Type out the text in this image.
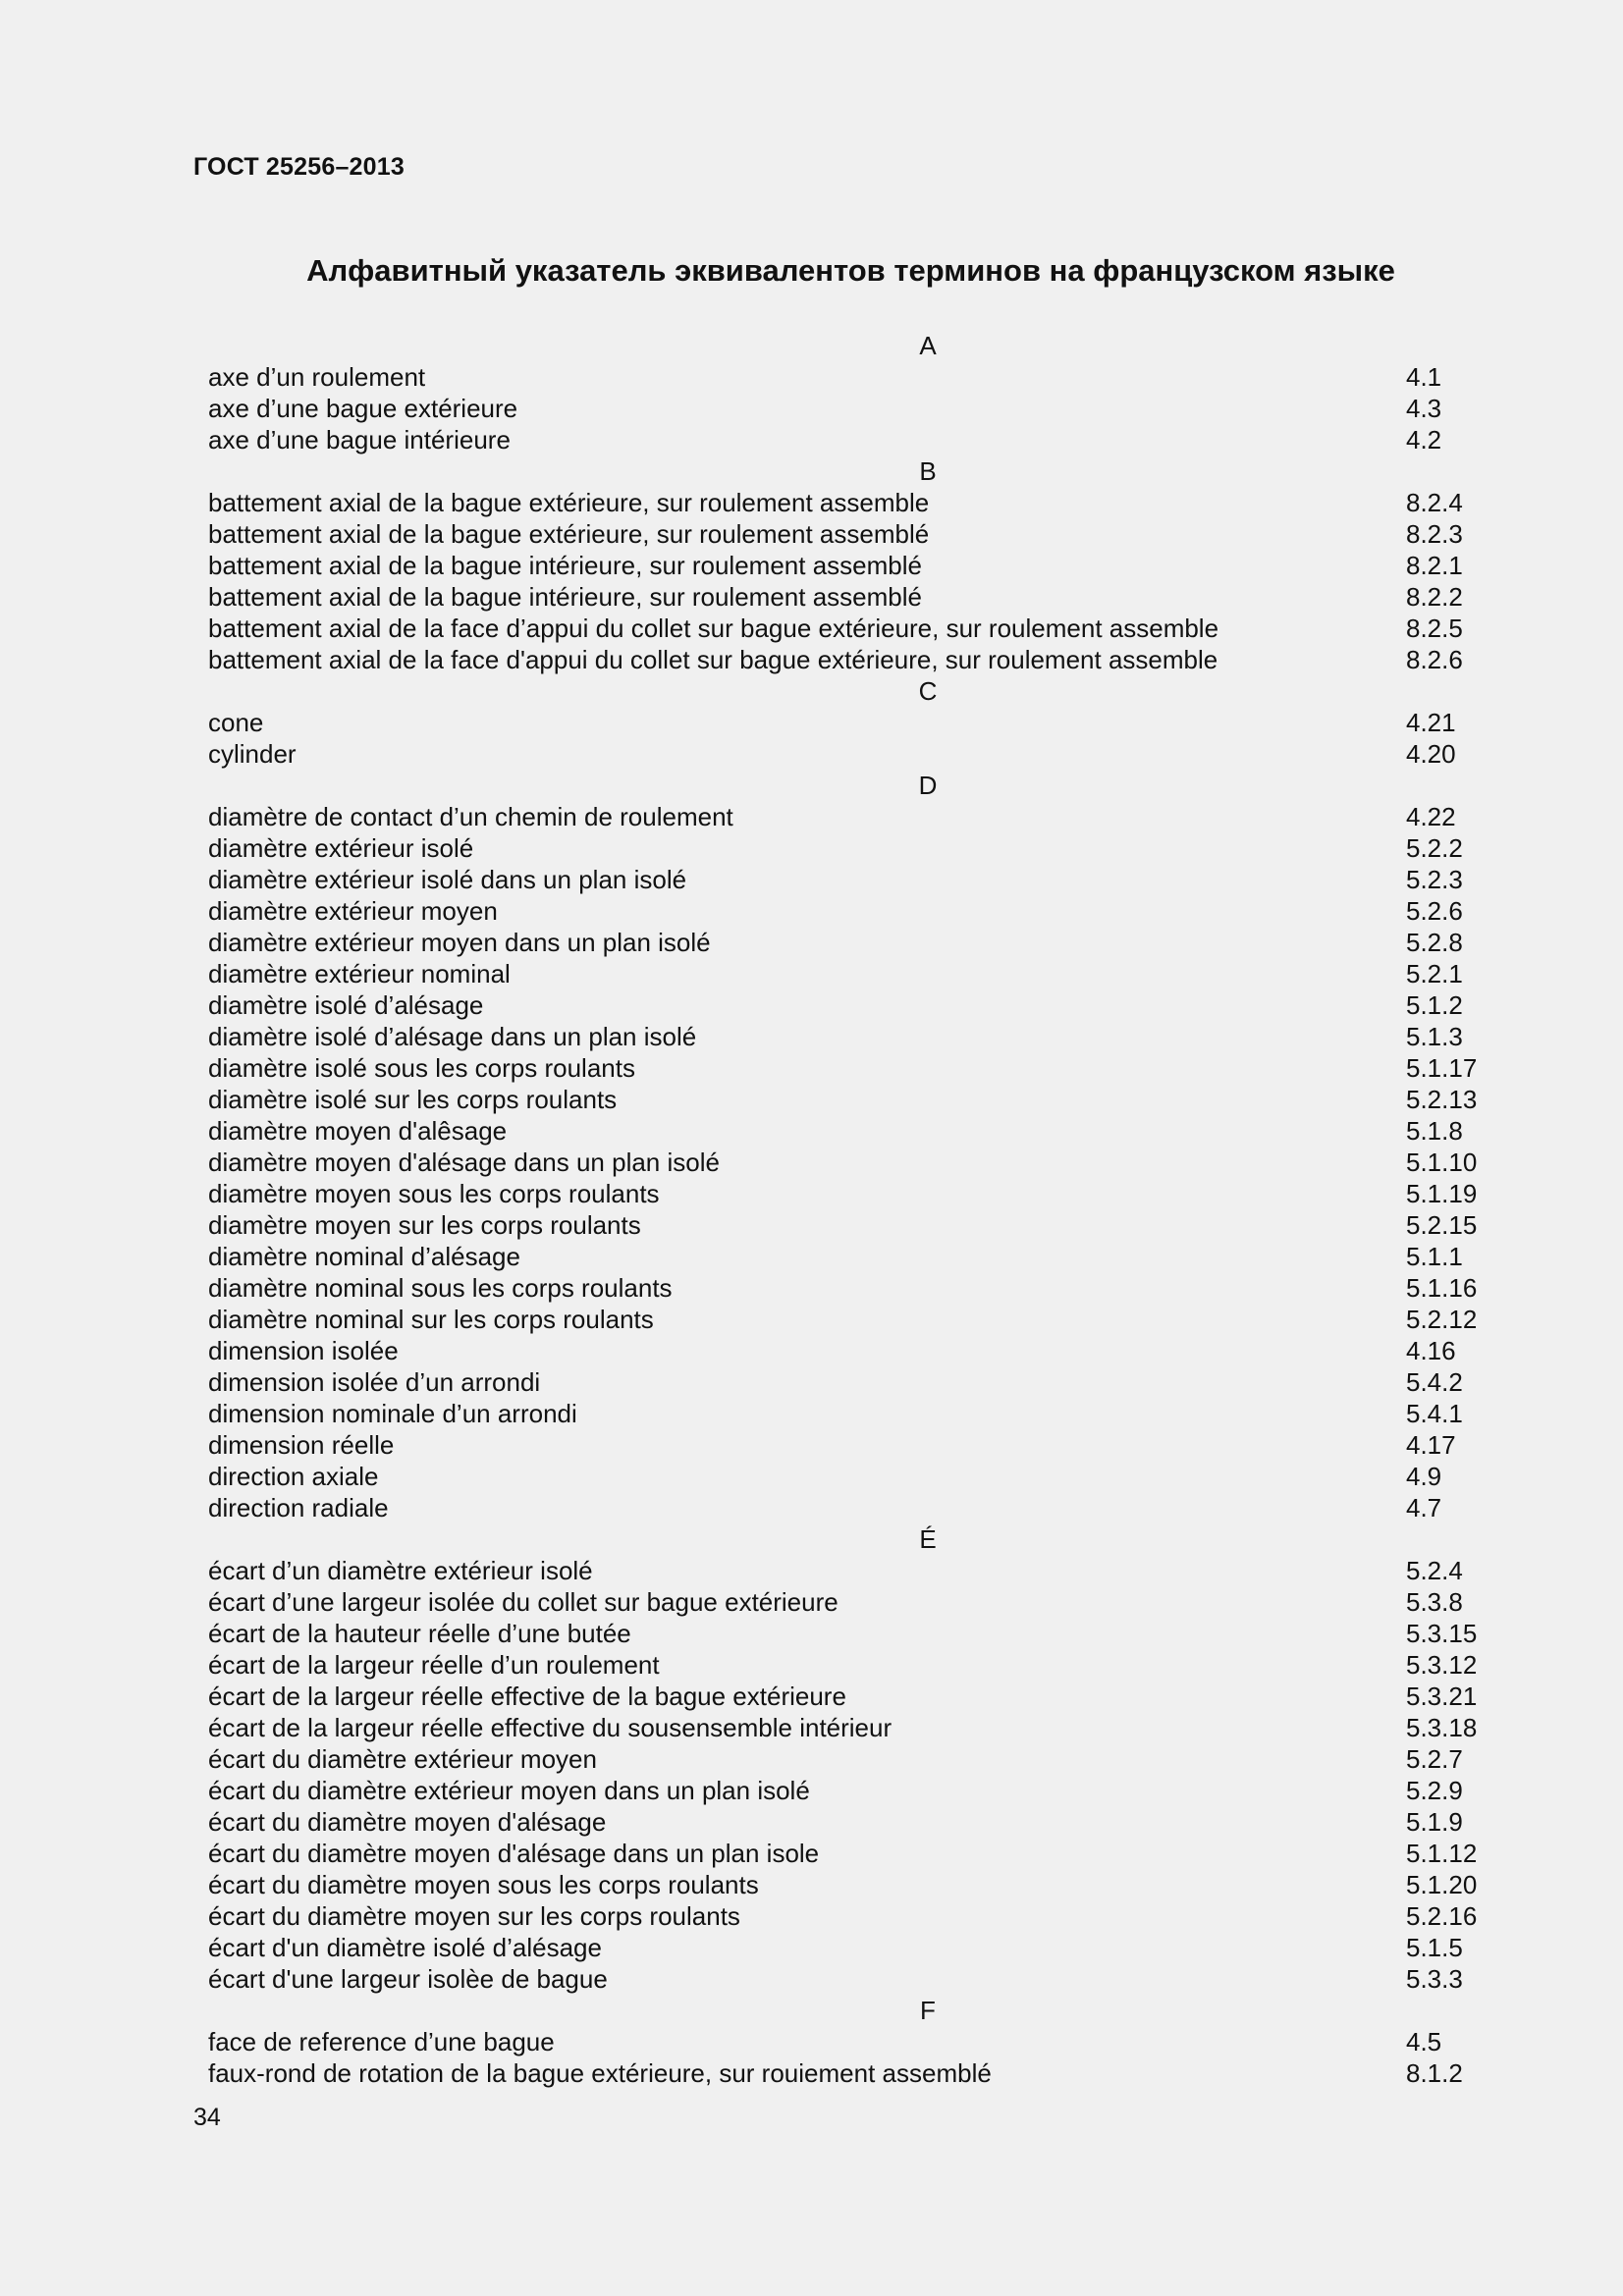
ГОСТ 25256–2013
Алфавитный указатель эквивалентов терминов на французском языке
A
axe d’un roulement	4.1
axe d’une bague extérieure	4.3
axe d’une bague intérieure	4.2
B
battement axial de la bague extérieure, sur roulement assemble	8.2.4
battement axial de la bague extérieure, sur roulement assemblé	8.2.3
battement axial de la bague intérieure, sur roulement assemblé	8.2.1
battement axial de la bague intérieure, sur roulement assemblé	8.2.2
battement axial de la face d’appui du collet sur bague extérieure, sur roulement assemble	8.2.5
battement axial de la face d'appui du collet sur bague extérieure, sur roulement assemble	8.2.6
C
cone	4.21
cylinder	4.20
D
diamètre de contact d’un chemin de roulement	4.22
diamètre extérieur isolé	5.2.2
diamètre extérieur isolé dans un plan isolé	5.2.3
diamètre extérieur moyen	5.2.6
diamètre extérieur moyen dans un plan isolé	5.2.8
diamètre extérieur nominal	5.2.1
diamètre isolé d’alésage	5.1.2
diamètre isolé d’alésage dans un plan isolé	5.1.3
diamètre isolé sous les corps roulants	5.1.17
diamètre isolé sur les corps roulants	5.2.13
diamètre moyen d'alêsage	5.1.8
diamètre moyen d'alésage dans un plan isolé	5.1.10
diamètre moyen sous les corps roulants	5.1.19
diamètre moyen sur les corps roulants	5.2.15
diamètre nominal d’alésage	5.1.1
diamètre nominal sous les corps roulants	5.1.16
diamètre nominal sur les corps roulants	5.2.12
dimension isolée	4.16
dimension isolée d’un arrondi	5.4.2
dimension nominale d’un arrondi	5.4.1
dimension réelle	4.17
direction axiale	4.9
direction radiale	4.7
É
écart d’un diamètre extérieur isolé	5.2.4
écart d’une largeur isolée du collet sur bague extérieure	5.3.8
écart de la hauteur réelle d’une butée	5.3.15
écart de la largeur réelle d’un roulement	5.3.12
écart de la largeur réelle effective de la bague extérieure	5.3.21
écart de la largeur réelle effective du sousensemble intérieur	5.3.18
écart du diamètre extérieur moyen	5.2.7
écart du diamètre extérieur moyen dans un plan isolé	5.2.9
écart du diamètre moyen d'alésage	5.1.9
écart du diamètre moyen d'alésage dans un plan isole	5.1.12
écart du diamètre moyen sous les corps roulants	5.1.20
écart du diamètre moyen sur les corps roulants	5.2.16
écart d'un diamètre isolé d’alésage	5.1.5
écart d'une largeur isolèe de bague	5.3.3
F
face de reference d’une bague	4.5
faux-rond de rotation de la bague extérieure, sur rouiement assemblé	8.1.2
34
